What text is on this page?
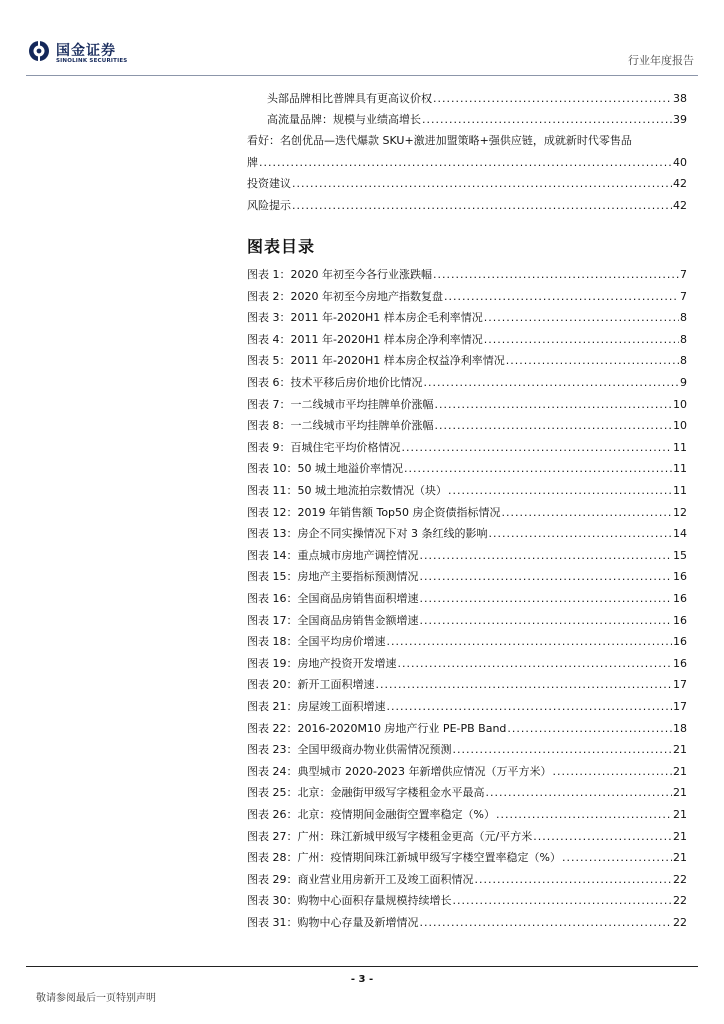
国金证券
SINOLINK SECURITIES	行业年度报告
头部品牌相比普牌具有更高议价权 .....	38
高流量品牌：规模与业绩高增长 .....	39
看好：名创优品—迭代爆款 SKU+激进加盟策略+强供应链，成就新时代零售品
牌 .....	40
投资建议 .....	42
风险提示 .....	42
图表目录
图表 1：2020 年初至今各行业涨跌幅 .....	7
图表 2：2020 年初至今房地产指数复盘 .....	7
图表 3：2011 年-2020H1 样本房企毛利率情况 .....	8
图表 4：2011 年-2020H1 样本房企净利率情况 .....	8
图表 5：2011 年-2020H1 样本房企权益净利率情况 .....	8
图表 6：技术平移后房价地价比情况 .....	9
图表 7：一二线城市平均挂牌单价涨幅 .....	10
图表 8：一二线城市平均挂牌单价涨幅 .....	10
图表 9：百城住宅平均价格情况 .....	11
图表 10：50 城土地溢价率情况 .....	11
图表 11：50 城土地流拍宗数情况（块） .....	11
图表 12：2019 年销售额 Top50 房企资债指标情况 .....	12
图表 13：房企不同实操情况下对 3 条红线的影响 .....	14
图表 14：重点城市房地产调控情况 .....	15
图表 15：房地产主要指标预测情况 .....	16
图表 16：全国商品房销售面积增速 .....	16
图表 17：全国商品房销售金额增速 .....	16
图表 18：全国平均房价增速 .....	16
图表 19：房地产投资开发增速 .....	16
图表 20：新开工面积增速 .....	17
图表 21：房屋竣工面积增速 .....	17
图表 22：2016-2020M10 房地产行业 PE-PB Band .....	18
图表 23：全国甲级商办物业供需情况预测 .....	21
图表 24：典型城市 2020-2023 年新增供应情况（万平方米） .....	21
图表 25：北京：金融街甲级写字楼租金水平最高 .....	21
图表 26：北京：疫情期间金融街空置率稳定（%） .....	21
图表 27：广州：珠江新城甲级写字楼租金更高（元/平方米 .....	21
图表 28：广州：疫情期间珠江新城甲级写字楼空置率稳定（%） .....	21
图表 29：商业营业用房新开工及竣工面积情况 .....	22
图表 30：购物中心面积存量规模持续增长 .....	22
图表 31：购物中心存量及新增情况 .....	22
- 3 -
敬请参阅最后一页特别声明
